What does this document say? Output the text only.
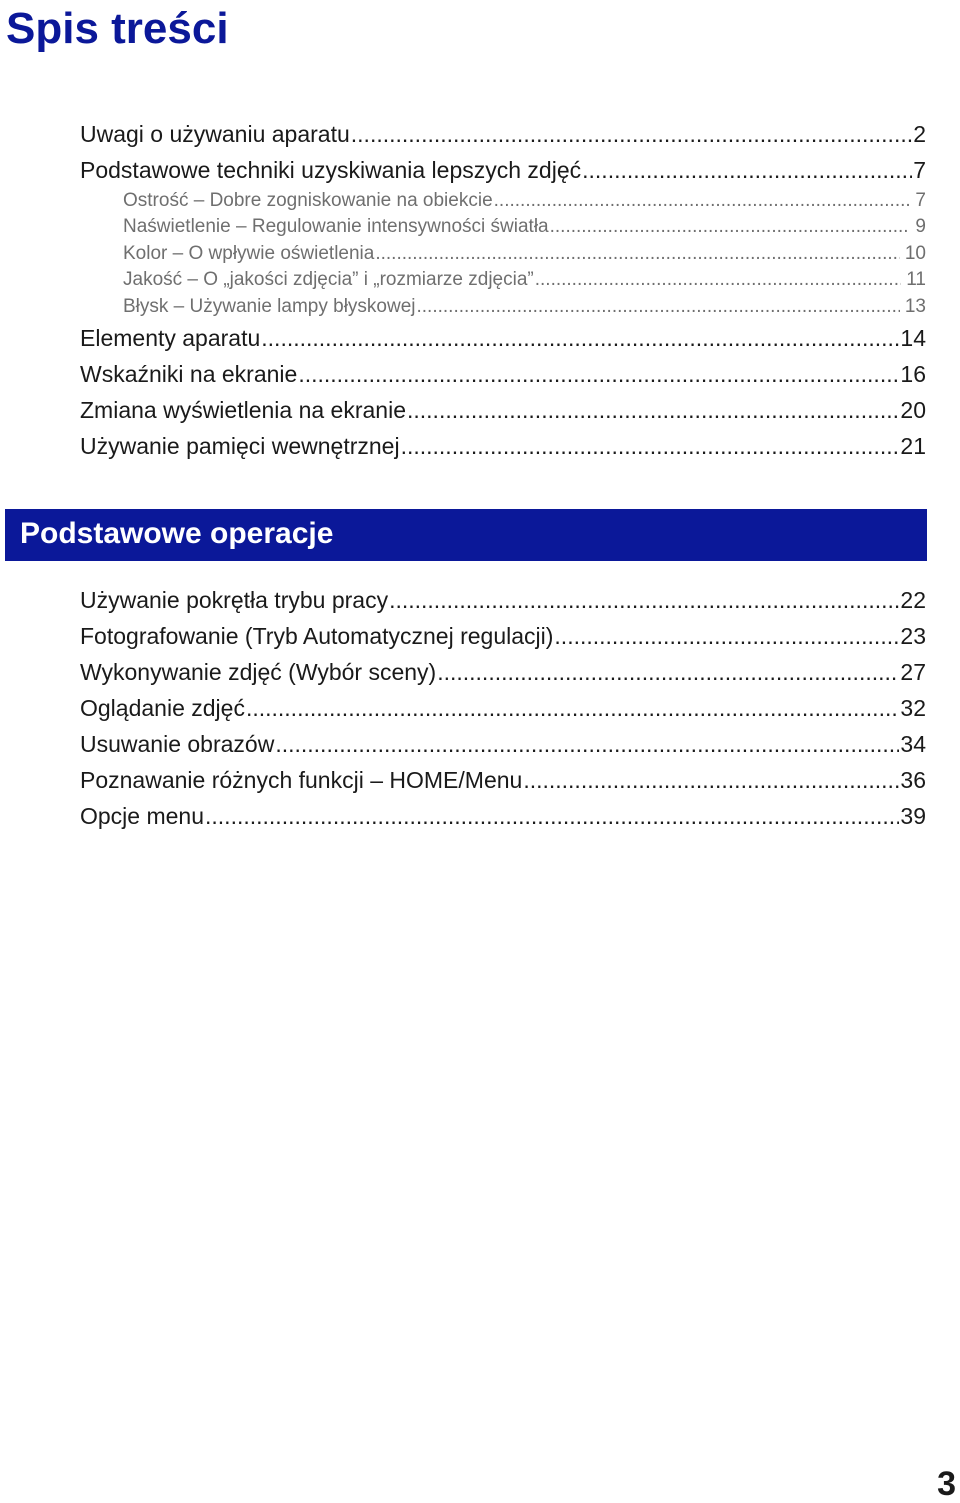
Spis treści
Uwagi o używaniu aparatu .....	2
Podstawowe techniki uzyskiwania lepszych zdjęć .....	7
Ostrość – Dobre zogniskowanie na obiekcie .....	7
Naświetlenie – Regulowanie intensywności światła .....	9
Kolor – O wpływie oświetlenia .....	10
Jakość – O „jakości zdjęcia” i „rozmiarze zdjęcia” .....	11
Błysk – Używanie lampy błyskowej .....	13
Elementy aparatu .....	14
Wskaźniki na ekranie .....	16
Zmiana wyświetlenia na ekranie .....	20
Używanie pamięci wewnętrznej .....	21
Podstawowe operacje
Używanie pokrętła trybu pracy .....	22
Fotografowanie (Tryb Automatycznej regulacji) .....	23
Wykonywanie zdjęć (Wybór sceny) .....	27
Oglądanie zdjęć .....	32
Usuwanie obrazów .....	34
Poznawanie różnych funkcji – HOME/Menu .....	36
Opcje menu .....	39
3
